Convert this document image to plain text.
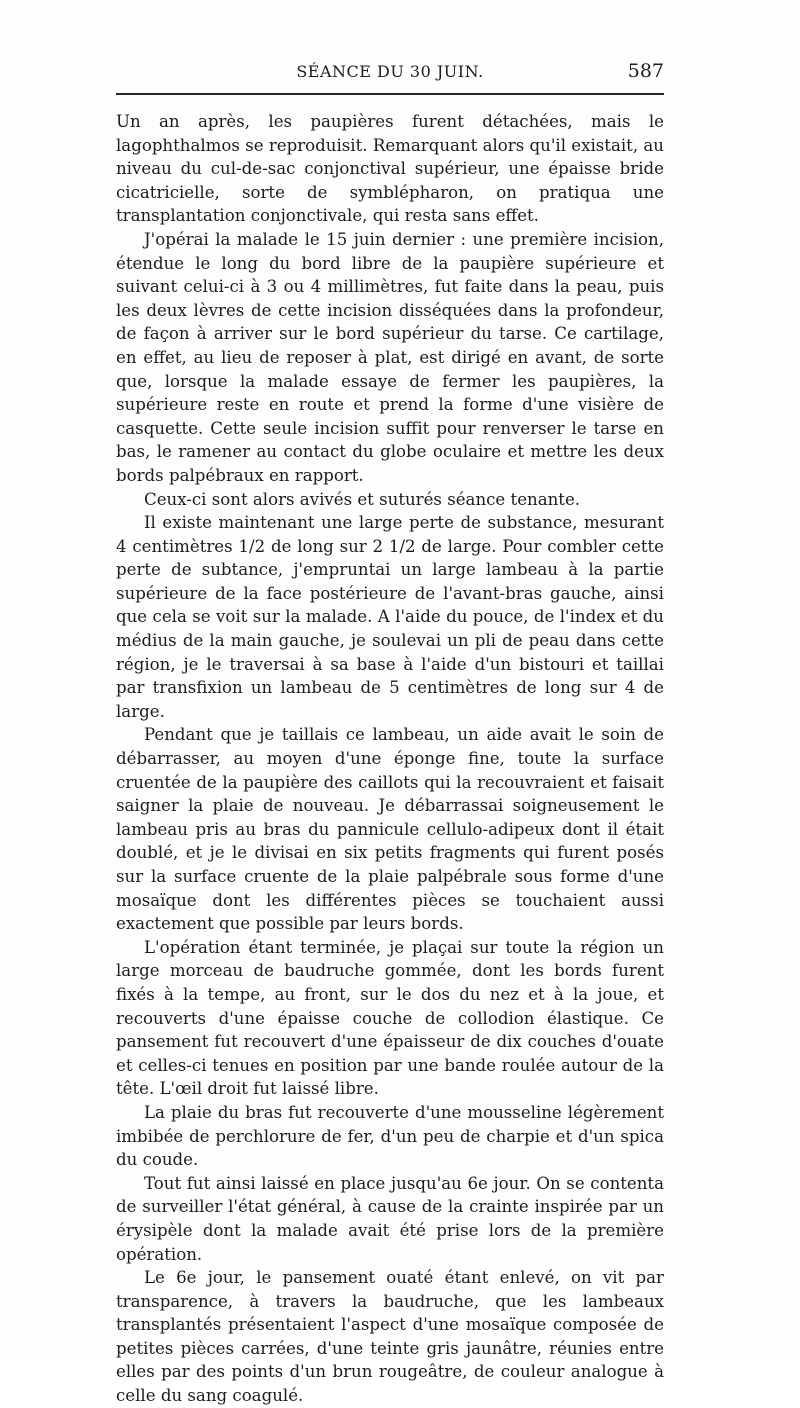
SÉANCE DU 30 JUIN.	587

Un an après, les paupières furent détachées, mais le lagophthalmos se reproduisit. Remarquant alors qu'il existait, au niveau du cul-de-sac conjonctival supérieur, une épaisse bride cicatricielle, sorte de symblépharon, on pratiqua une transplantation conjonctivale, qui resta sans effet.

J'opérai la malade le 15 juin dernier : une première incision, étendue le long du bord libre de la paupière supérieure et suivant celui-ci à 3 ou 4 millimètres, fut faite dans la peau, puis les deux lèvres de cette incision disséquées dans la profondeur, de façon à arriver sur le bord supérieur du tarse. Ce cartilage, en effet, au lieu de reposer à plat, est dirigé en avant, de sorte que, lorsque la malade essaye de fermer les paupières, la supérieure reste en route et prend la forme d'une visière de casquette. Cette seule incision suffit pour renverser le tarse en bas, le ramener au contact du globe oculaire et mettre les deux bords palpébraux en rapport.

Ceux-ci sont alors avivés et suturés séance tenante.

Il existe maintenant une large perte de substance, mesurant 4 centimètres 1/2 de long sur 2 1/2 de large. Pour combler cette perte de subtance, j'empruntai un large lambeau à la partie supérieure de la face postérieure de l'avant-bras gauche, ainsi que cela se voit sur la malade. A l'aide du pouce, de l'index et du médius de la main gauche, je soulevai un pli de peau dans cette région, je le traversai à sa base à l'aide d'un bistouri et taillai par transfixion un lambeau de 5 centimètres de long sur 4 de large.

Pendant que je taillais ce lambeau, un aide avait le soin de débarrasser, au moyen d'une éponge fine, toute la surface cruentée de la paupière des caillots qui la recouvraient et faisait saigner la plaie de nouveau. Je débarrassai soigneusement le lambeau pris au bras du pannicule cellulo-adipeux dont il était doublé, et je le divisai en six petits fragments qui furent posés sur la surface cruente de la plaie palpébrale sous forme d'une mosaïque dont les différentes pièces se touchaient aussi exactement que possible par leurs bords.

L'opération étant terminée, je plaçai sur toute la région un large morceau de baudruche gommée, dont les bords furent fixés à la tempe, au front, sur le dos du nez et à la joue, et recouverts d'une épaisse couche de collodion élastique. Ce pansement fut recouvert d'une épaisseur de dix couches d'ouate et celles-ci tenues en position par une bande roulée autour de la tête. L'œil droit fut laissé libre.

La plaie du bras fut recouverte d'une mousseline légèrement imbibée de perchlorure de fer, d'un peu de charpie et d'un spica du coude.

Tout fut ainsi laissé en place jusqu'au 6e jour. On se contenta de surveiller l'état général, à cause de la crainte inspirée par un érysipèle dont la malade avait été prise lors de la première opération.

Le 6e jour, le pansement ouaté étant enlevé, on vit par transparence, à travers la baudruche, que les lambeaux transplantés présentaient l'aspect d'une mosaïque composée de petites pièces carrées, d'une teinte gris jaunâtre, réunies entre elles par des points d'un brun rougeâtre, de couleur analogue à celle du sang coagulé.
